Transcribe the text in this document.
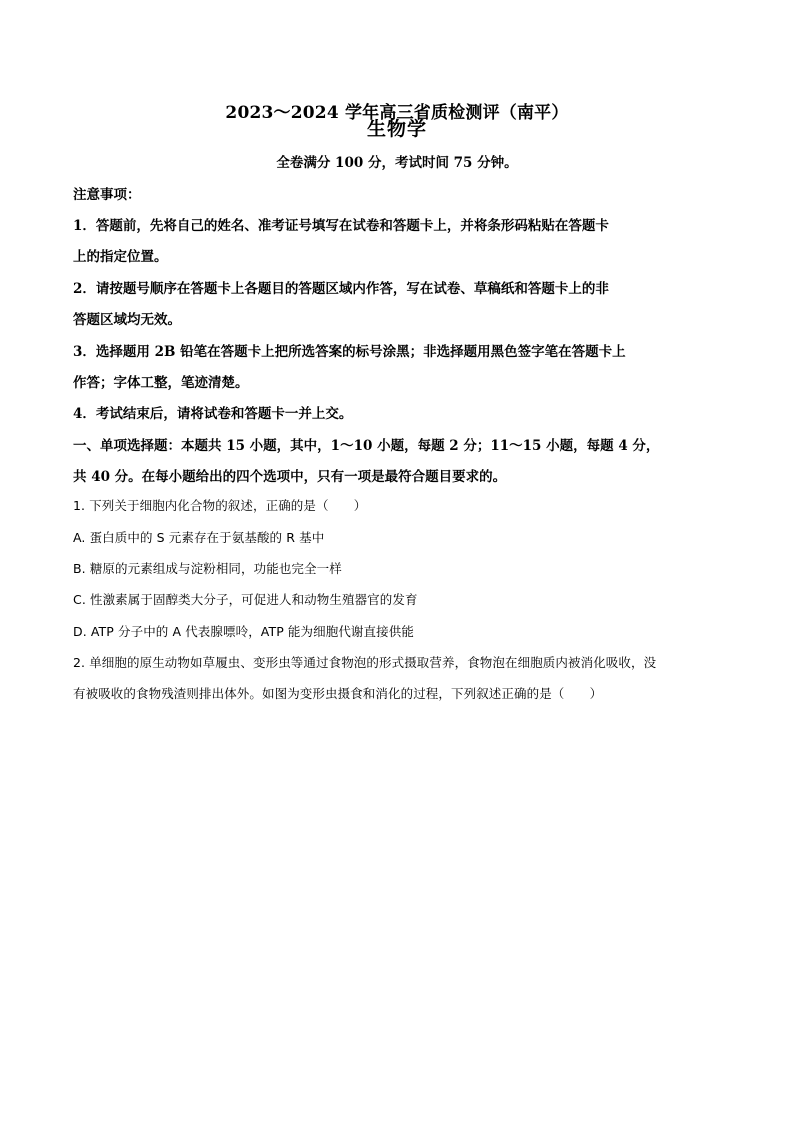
2023～2024 学年高三省质检测评（南平）
生物学
全卷满分 100 分，考试时间 75 分钟。
注意事项：
1．答题前，先将自己的姓名、准考证号填写在试卷和答题卡上，并将条形码粘贴在答题卡
上的指定位置。
2．请按题号顺序在答题卡上各题目的答题区域内作答，写在试卷、草稿纸和答题卡上的非
答题区域均无效。
3．选择题用 2B 铅笔在答题卡上把所选答案的标号涂黑；非选择题用黑色签字笔在答题卡上
作答；字体工整，笔迹清楚。
4．考试结束后，请将试卷和答题卡一并上交。
一、单项选择题：本题共 15 小题，其中，1～10 小题，每题 2 分；11～15 小题，每题 4 分，
共 40 分。在每小题给出的四个选项中，只有一项是最符合题目要求的。
1. 下列关于细胞内化合物的叙述，正确的是（　　）
A. 蛋白质中的 S 元素存在于氨基酸的 R 基中
B. 糖原的元素组成与淀粉相同，功能也完全一样
C. 性激素属于固醇类大分子，可促进人和动物生殖器官的发育
D. ATP 分子中的 A 代表腺嘌呤，ATP 能为细胞代谢直接供能
2. 单细胞的原生动物如草履虫、变形虫等通过食物泡的形式摄取营养，食物泡在细胞质内被消化吸收，没
有被吸收的食物残渣则排出体外。如图为变形虫摄食和消化的过程，下列叙述正确的是（　　）
